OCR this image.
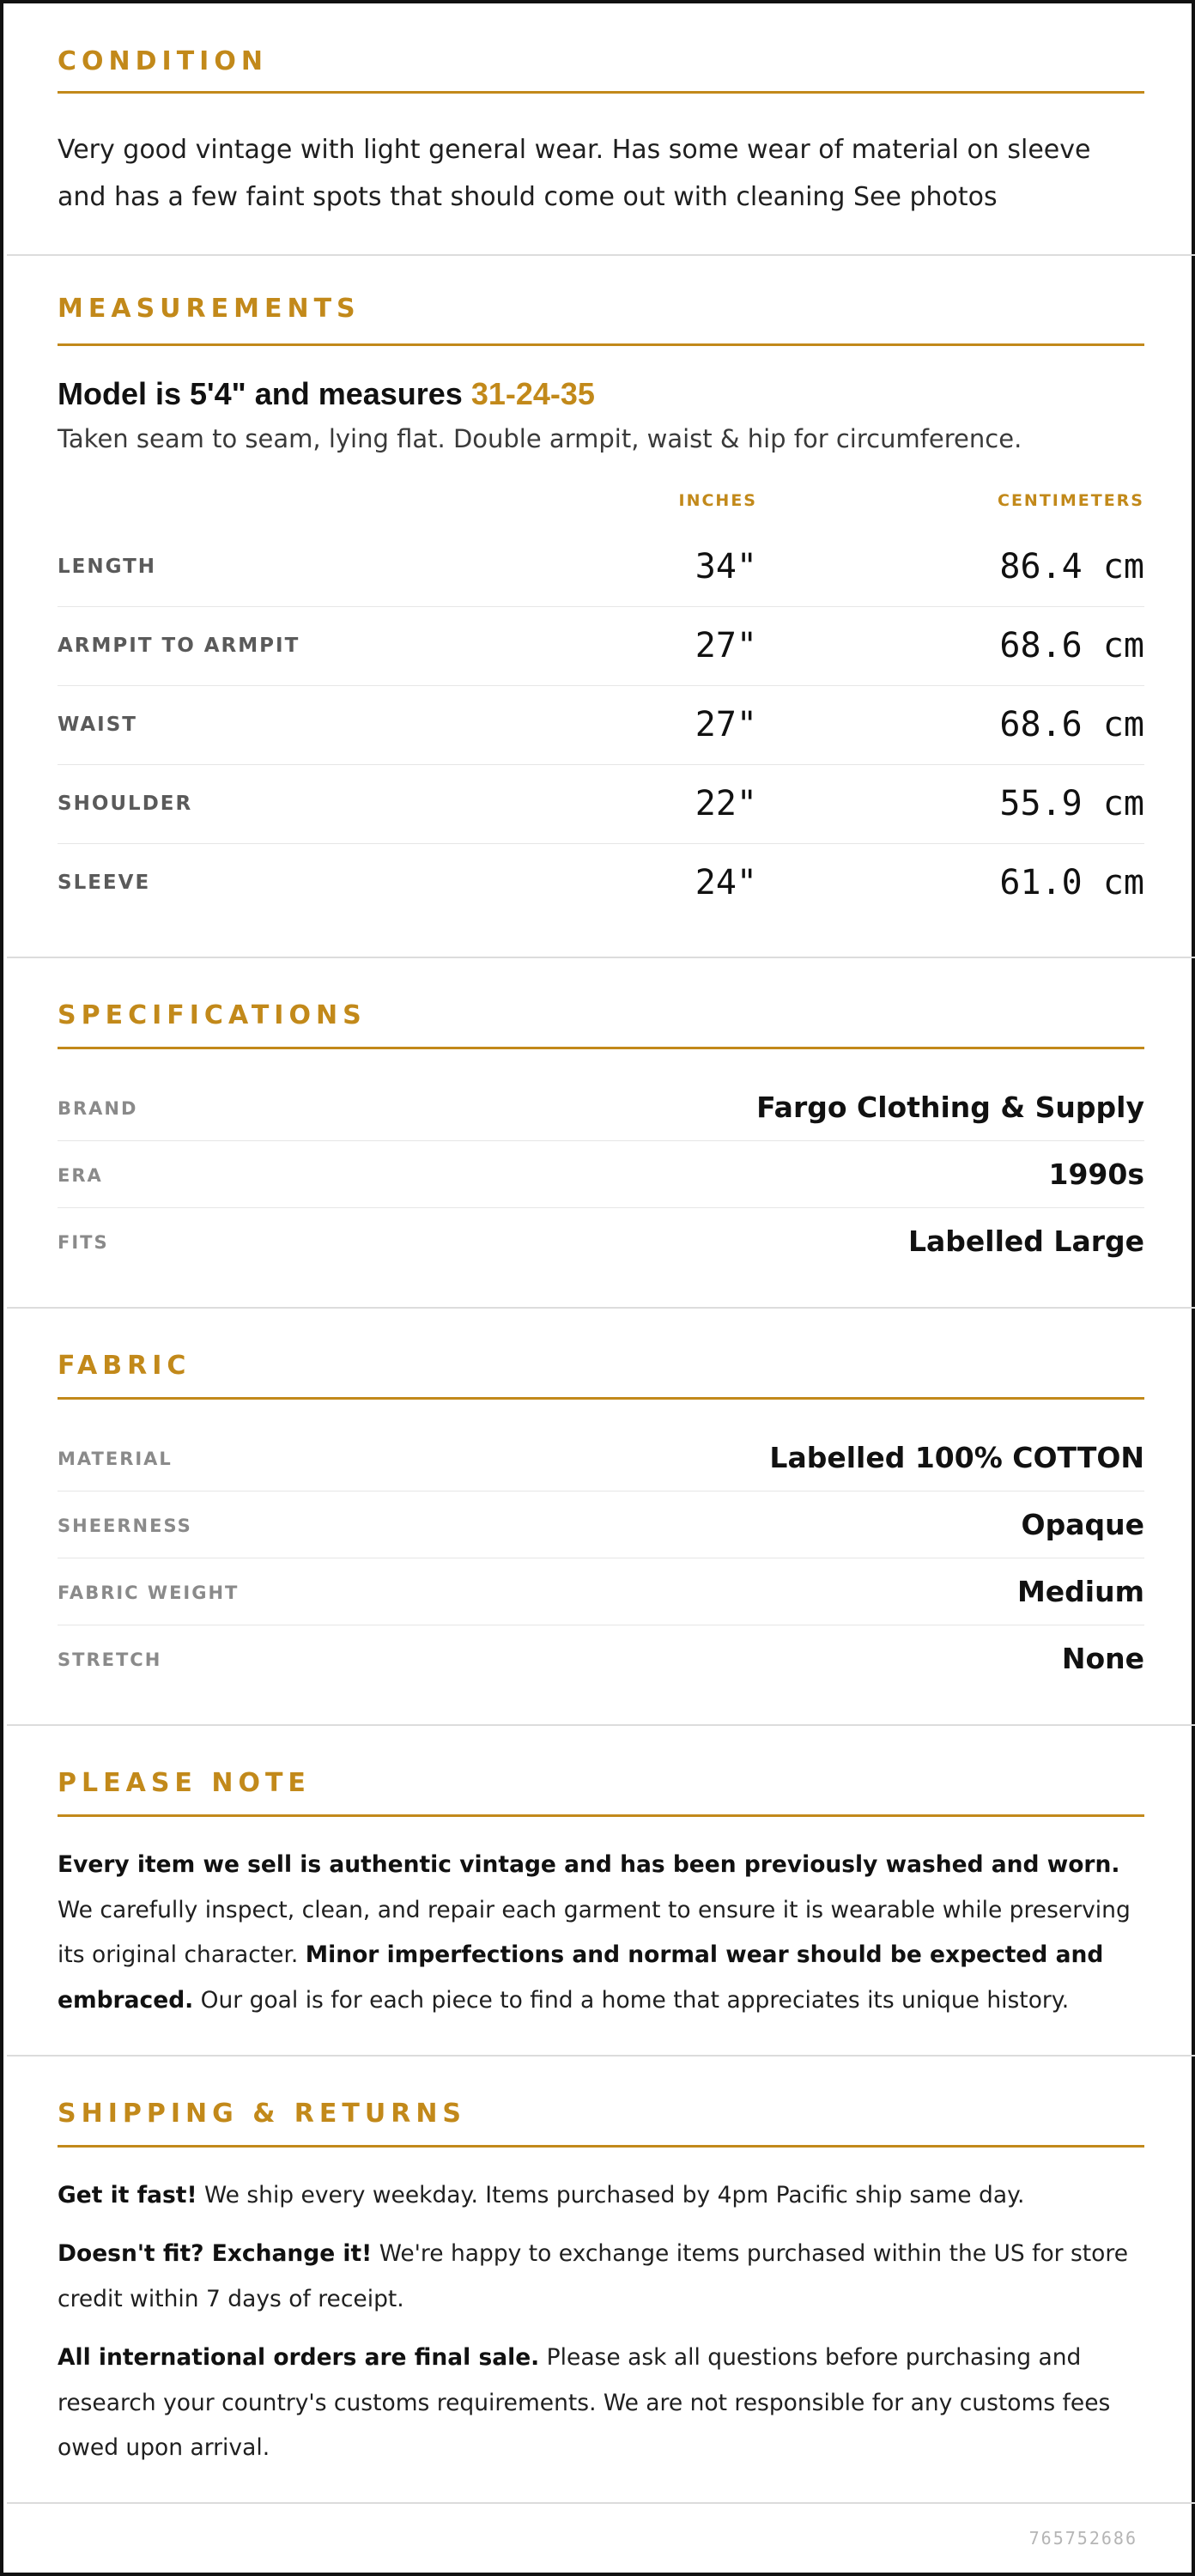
CONDITION
Very good vintage with light general wear. Has some wear of material on sleeve and has a few faint spots that should come out with cleaning See photos
MEASUREMENTS
Model is 5'4" and measures 31-24-35
Taken seam to seam, lying flat. Double armpit, waist & hip for circumference.
INCHES	CENTIMETERS
LENGTH	34"	86.4 cm
ARMPIT TO ARMPIT	27"	68.6 cm
WAIST	27"	68.6 cm
SHOULDER	22"	55.9 cm
SLEEVE	24"	61.0 cm
SPECIFICATIONS
BRAND	Fargo Clothing & Supply
ERA	1990s
FITS	Labelled Large
FABRIC
MATERIAL	Labelled 100% COTTON
SHEERNESS	Opaque
FABRIC WEIGHT	Medium
STRETCH	None
PLEASE NOTE
Every item we sell is authentic vintage and has been previously washed and worn. We carefully inspect, clean, and repair each garment to ensure it is wearable while preserving its original character. Minor imperfections and normal wear should be expected and embraced. Our goal is for each piece to find a home that appreciates its unique history.
SHIPPING & RETURNS
Get it fast! We ship every weekday. Items purchased by 4pm Pacific ship same day.
Doesn't fit? Exchange it! We're happy to exchange items purchased within the US for store credit within 7 days of receipt.
All international orders are final sale. Please ask all questions before purchasing and research your country's customs requirements. We are not responsible for any customs fees owed upon arrival.
765752686
